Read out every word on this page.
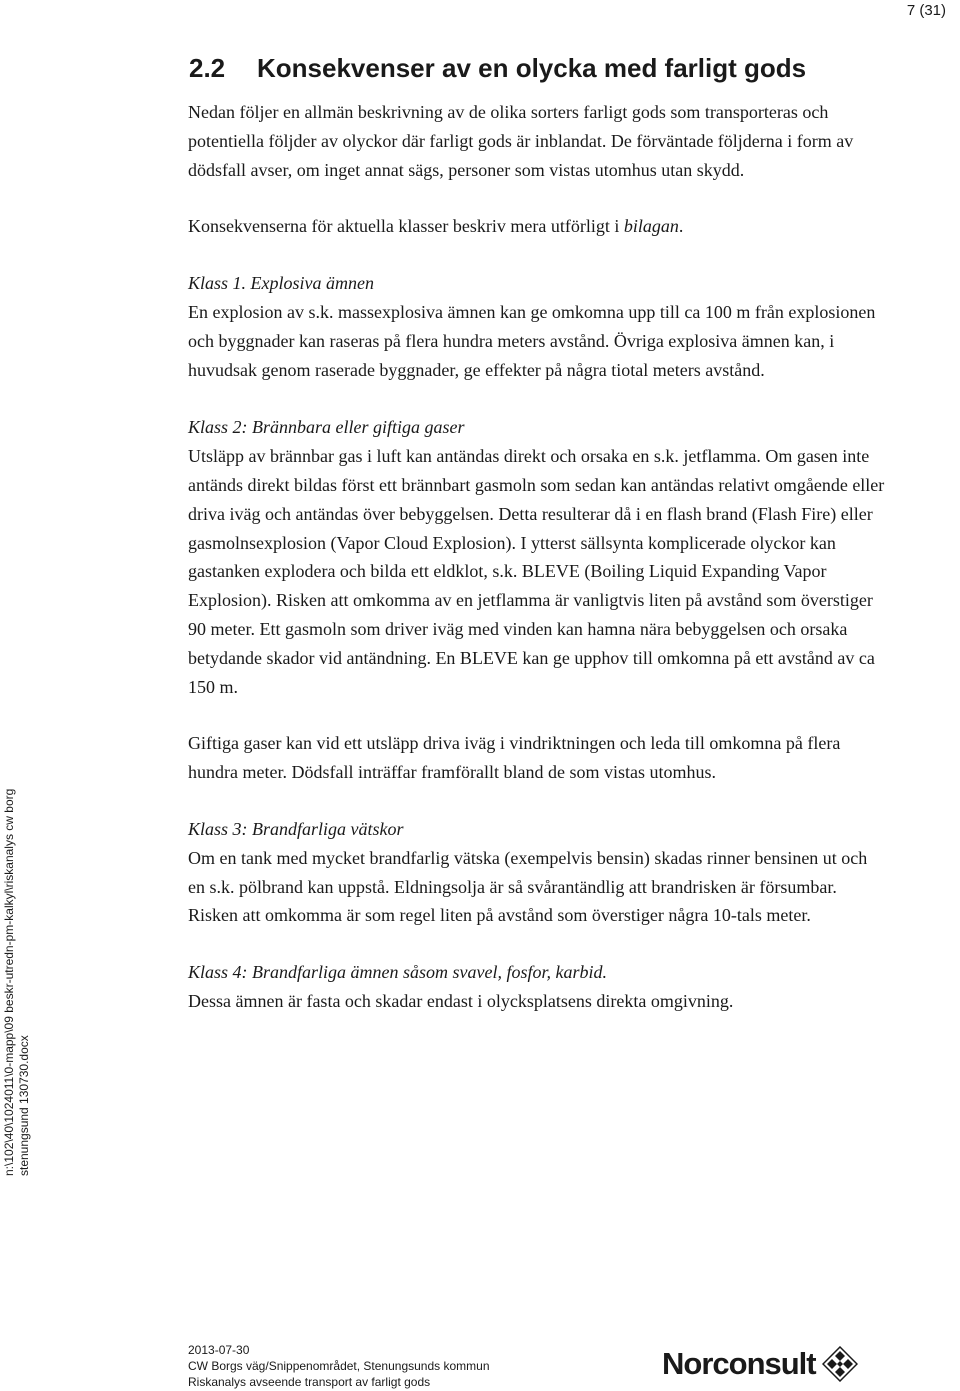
7 (31)
2.2 Konsekvenser av en olycka med farligt gods

Nedan följer en allmän beskrivning av de olika sorters farligt gods som transporteras och potentiella följder av olyckor där farligt gods är inblandat. De förväntade följderna i form av dödsfall avser, om inget annat sägs, personer som vistas utomhus utan skydd.

Konsekvenserna för aktuella klasser beskriv mera utförligt i bilagan.

Klass 1. Explosiva ämnen

En explosion av s.k. massexplosiva ämnen kan ge omkomna upp till ca 100 m från explosionen och byggnader kan raseras på flera hundra meters avstånd. Övriga explosiva ämnen kan, i huvudsak genom raserade byggnader, ge effekter på några tiotal meters avstånd.

Klass 2: Brännbara eller giftiga gaser

Utsläpp av brännbar gas i luft kan antändas direkt och orsaka en s.k. jetflamma. Om gasen inte antänds direkt bildas först ett brännbart gasmoln som sedan kan antändas relativt omgående eller driva iväg och antändas över bebyggelsen. Detta resulterar då i en flash brand (Flash Fire) eller gasmolnsexplosion (Vapor Cloud Explosion). I ytterst sällsynta komplicerade olyckor kan gastanken explodera och bilda ett eldklot, s.k. BLEVE (Boiling Liquid Expanding Vapor Explosion). Risken att omkomma av en jetflamma är vanligtvis liten på avstånd som överstiger 90 meter. Ett gasmoln som driver iväg med vinden kan hamna nära bebyggelsen och orsaka betydande skador vid antändning. En BLEVE kan ge upphov till omkomna på ett avstånd av ca 150 m.

Giftiga gaser kan vid ett utsläpp driva iväg i vindriktningen och leda till omkomna på flera hundra meter. Dödsfall inträffar framförallt bland de som vistas utomhus.

Klass 3: Brandfarliga vätskor

Om en tank med mycket brandfarlig vätska (exempelvis bensin) skadas rinner bensinen ut och en s.k. pölbrand kan uppstå. Eldningsolja är så svårantändlig att brandrisken är försumbar. Risken att omkomma är som regel liten på avstånd som överstiger några 10-tals meter.

Klass 4: Brandfarliga ämnen såsom svavel, fosfor, karbid.

Dessa ämnen är fasta och skadar endast i olycksplatsens direkta omgivning.

n:\102\40\1024011\0-mapp\09 beskr-utredn-pm-kalkyl\riskanalys cw borg stenungsund 130730.docx
2013-07-30
CW Borgs väg/Snippenområdet, Stenungsunds kommun
Riskanalys avseende transport av farligt gods
Norconsult
